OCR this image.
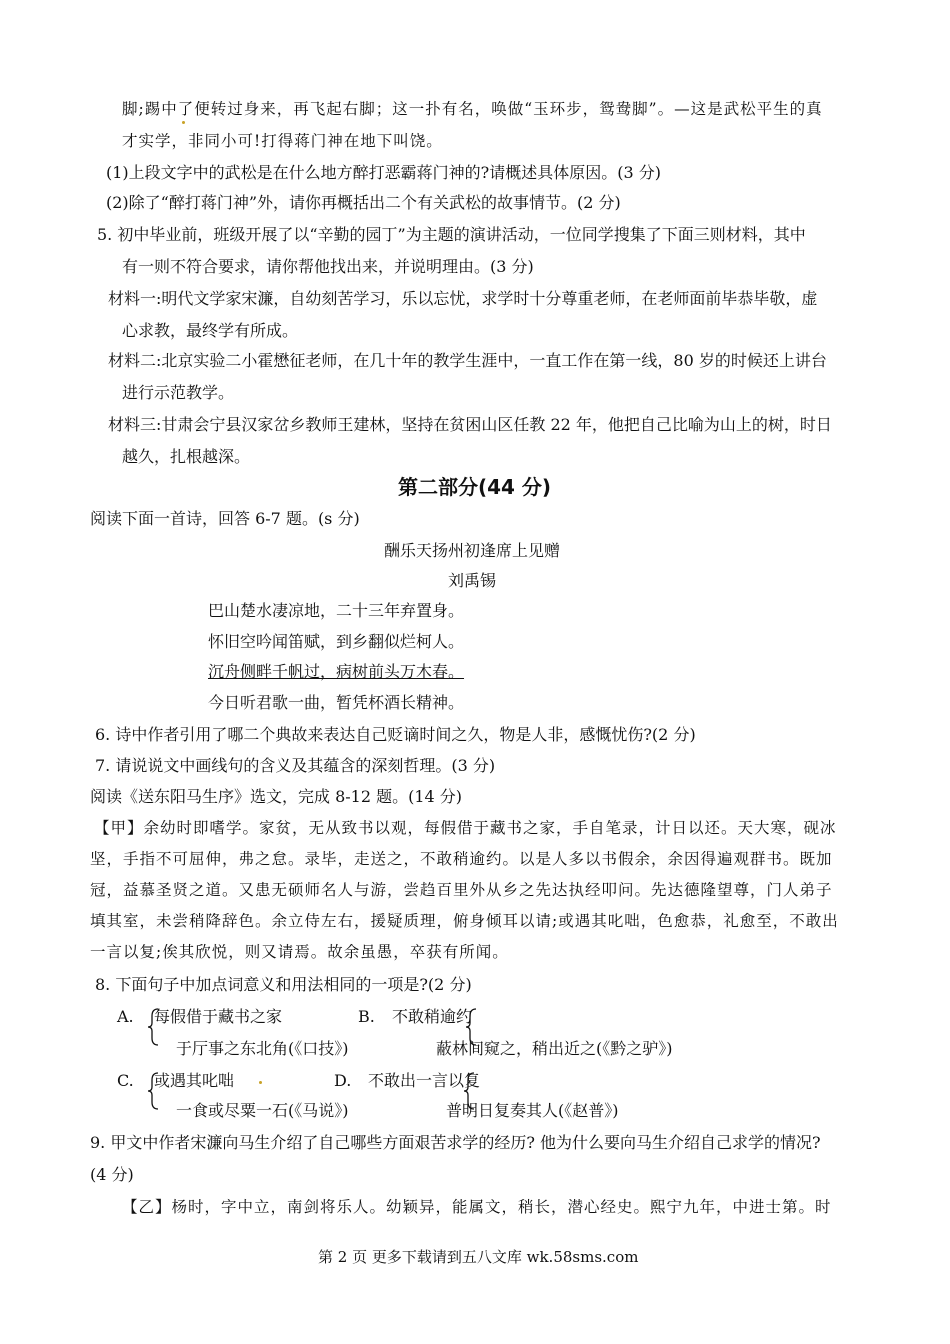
脚;踢中了便转过身来，再飞起右脚；这一扑有名，唤做“玉环步，鸳鸯脚”。—这是武松平生的真
才实学，非同小可!打得蒋门神在地下叫饶。
(1)上段文字中的武松是在什么地方醉打恶霸蒋门神的?请概述具体原因。(3 分)
(2)除了“醉打蒋门神”外，请你再概括出二个有关武松的故事情节。(2 分)
5. 初中毕业前，班级开展了以“辛勤的园丁”为主题的演讲活动，一位同学搜集了下面三则材料，其中
有一则不符合要求，请你帮他找出来，并说明理由。(3 分)
材料一:明代文学家宋濂，自幼刻苦学习，乐以忘忧，求学时十分尊重老师，在老师面前毕恭毕敬，虚
心求教，最终学有所成。
材料二:北京实验二小霍懋征老师，在几十年的教学生涯中，一直工作在第一线，80 岁的时候还上讲台
进行示范教学。
材料三:甘肃会宁县汉家岔乡教师王建林，坚持在贫困山区任教 22 年，他把自己比喻为山上的树，时日
越久，扎根越深。
第二部分(44 分)
阅读下面一首诗，回答 6-7 题。(s 分)
酬乐天扬州初逢席上见赠
刘禹锡
巴山楚水凄凉地，二十三年弃置身。
怀旧空吟闻笛赋，到乡翻似烂柯人。
沉舟侧畔千帆过，病树前头万木春。
今日听君歌一曲，暂凭杯酒长精神。
6. 诗中作者引用了哪二个典故来表达自己贬谪时间之久，物是人非，感慨忧伤?(2 分)
7. 请说说文中画线句的含义及其蕴含的深刻哲理。(3 分)
阅读《送东阳马生序》选文，完成 8-12 题。(14 分)
【甲】余幼时即嗜学。家贫，无从致书以观，每假借于藏书之家，手自笔录，计日以还。天大寒，砚冰
坚，手指不可屈伸，弗之怠。录毕，走送之，不敢稍逾约。以是人多以书假余，余因得遍观群书。既加
冠，益慕圣贤之道。又患无硕师名人与游，尝趋百里外从乡之先达执经叩问。先达德隆望尊，门人弟子
填其室，未尝稍降辞色。余立侍左右，援疑质理，俯身倾耳以请;或遇其叱咄，色愈恭，礼愈至，不敢出
一言以复;俟其欣悦，则又请焉。故余虽愚，卒获有所闻。
8. 下面句子中加点词意义和用法相同的一项是?(2 分)
A. 每假借于藏书之家
于厅事之东北角(《口技》)
B. 不敢稍逾约
蔽林间窥之，稍出近之(《黔之驴》)
C. 或遇其叱咄
一食或尽粟一石(《马说》)
D. 不敢出一言以复
普明日复奏其人(《赵普》)
9. 甲文中作者宋濂向马生介绍了自己哪些方面艰苦求学的经历? 他为什么要向马生介绍自己求学的情况?
(4 分)
【乙】杨时，字中立，南剑将乐人。幼颖异，能属文，稍长，潜心经史。熙宁九年，中进士第。时
第 2 页 更多下载请到五八文库 wk.58sms.com
